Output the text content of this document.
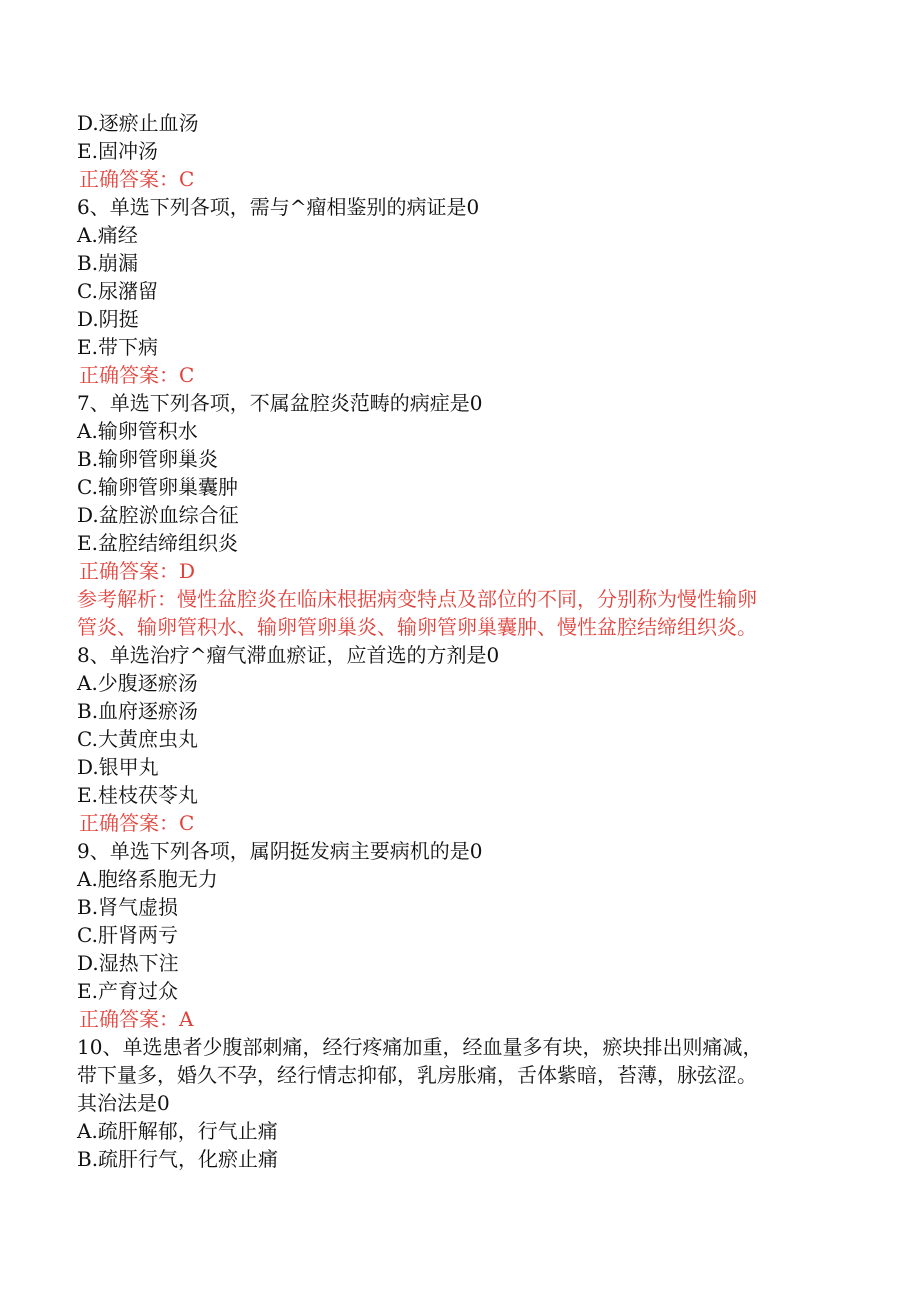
D.逐瘀止血汤
E.固冲汤
正确答案：C
6、单选下列各项，需与^瘤相鉴别的病证是0
A.痛经
B.崩漏
C.尿潴留
D.阴挺
E.带下病
正确答案：C
7、单选下列各项，不属盆腔炎范畴的病症是0
A.输卵管积水
B.输卵管卵巢炎
C.输卵管卵巢囊肿
D.盆腔淤血综合征
E.盆腔结缔组织炎
正确答案：D
参考解析：慢性盆腔炎在临床根据病变特点及部位的不同，分别称为慢性输卵
管炎、输卵管积水、输卵管卵巢炎、输卵管卵巢囊肿、慢性盆腔结缔组织炎。
8、单选治疗^瘤气滞血瘀证，应首选的方剂是0
A.少腹逐瘀汤
B.血府逐瘀汤
C.大黄庶虫丸
D.银甲丸
E.桂枝茯苓丸
正确答案：C
9、单选下列各项，属阴挺发病主要病机的是0
A.胞络系胞无力
B.肾气虚损
C.肝肾两亏
D.湿热下注
E.产育过众
正确答案：A
10、单选患者少腹部刺痛，经行疼痛加重，经血量多有块，瘀块排出则痛减，
带下量多，婚久不孕，经行情志抑郁，乳房胀痛，舌体紫暗，苔薄，脉弦涩。
其治法是0
A.疏肝解郁，行气止痛
B.疏肝行气，化瘀止痛
